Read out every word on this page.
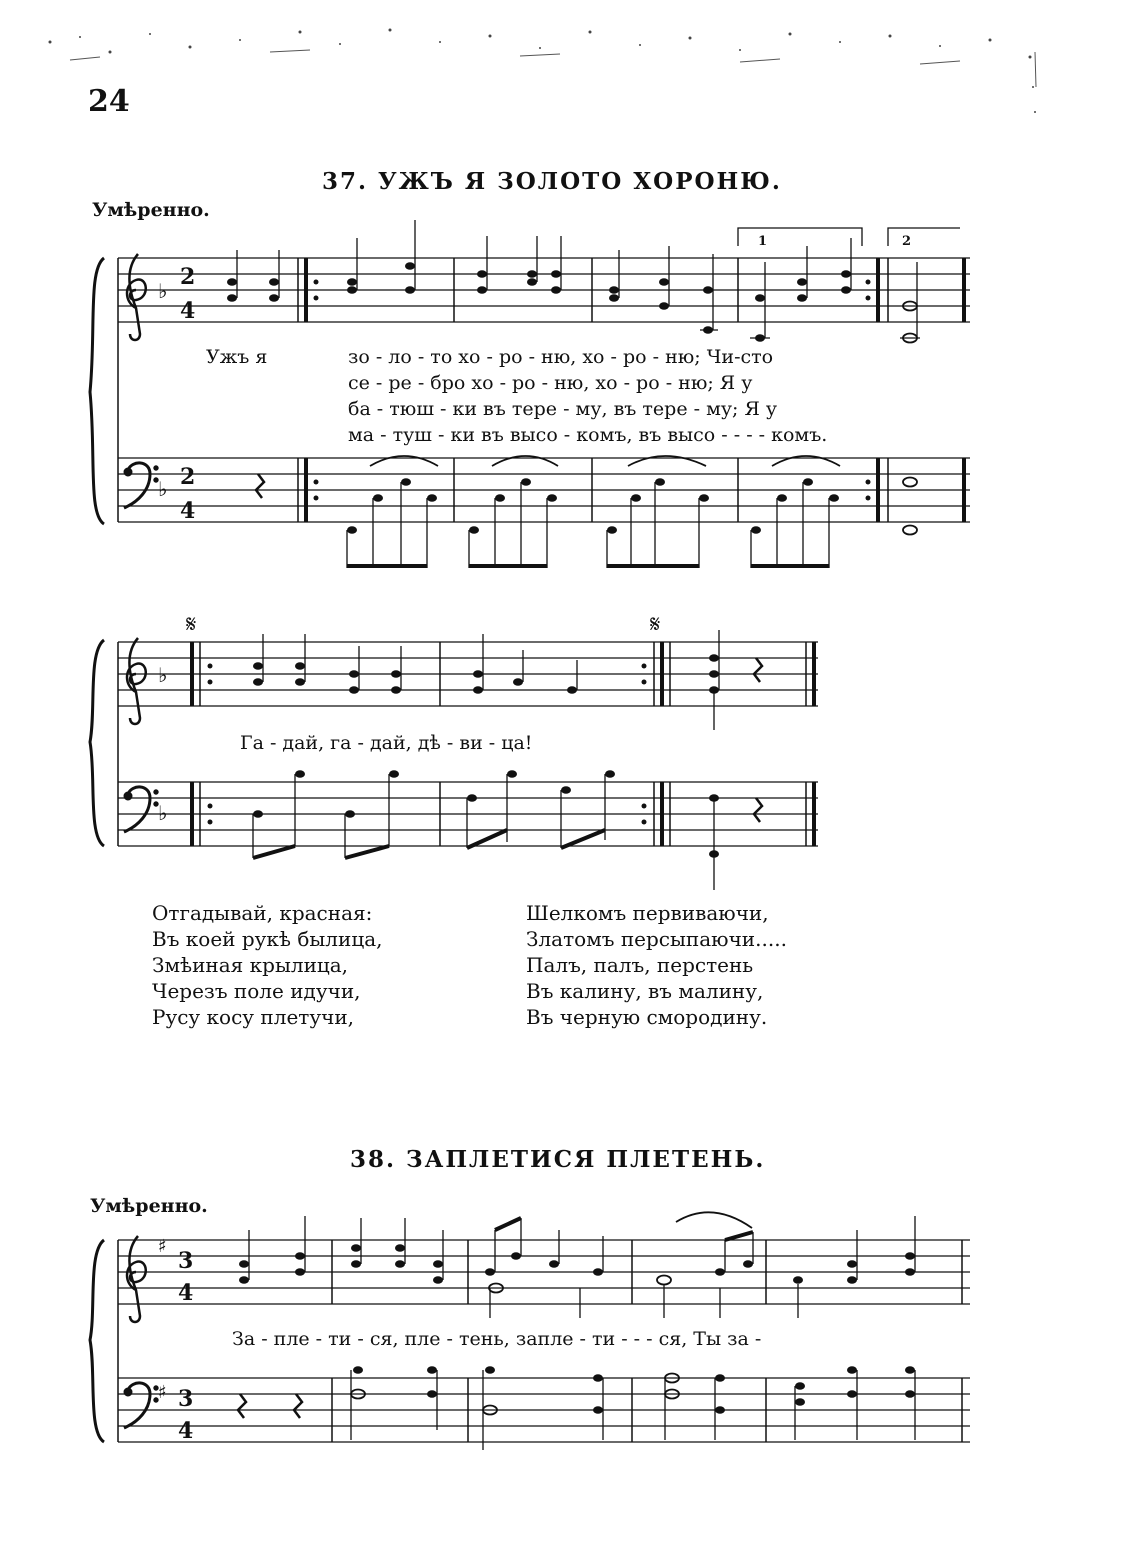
24
37. УЖЪ Я ЗОЛОТО ХОРОНЮ.
Умѣренно.
♭
♭
2
4
2
4
1	2
♭
♭
𝄋	𝄋
♯
♯
3
4
3
4
Ужъ я	зо - ло - то хо - ро - ню, хо - ро - ню; Чи-сто
се - ре - бро хо - ро - ню, хо - ро - ню; Я у
ба - тюш - ки въ тере - му, въ тере - му; Я у
ма - туш - ки въ высо - комъ, въ высо - - - - комъ.
Га - дай, га - дай, дѣ - ви - ца!
Отгадывай, красная:
Въ коей рукѣ былица,
Змѣиная крылица,
Черезъ поле идучи,
Русу косу плетучи,
Шелкомъ первиваючи,
Златомъ персыпаючи.....
Палъ, палъ, перстень
Въ калину, въ малину,
Въ черную смородину.
38. ЗАПЛЕТИСЯ ПЛЕТЕНЬ.
Умѣренно.
За - пле - ти - ся, пле - тень, запле - ти - - - ся, Ты за -
